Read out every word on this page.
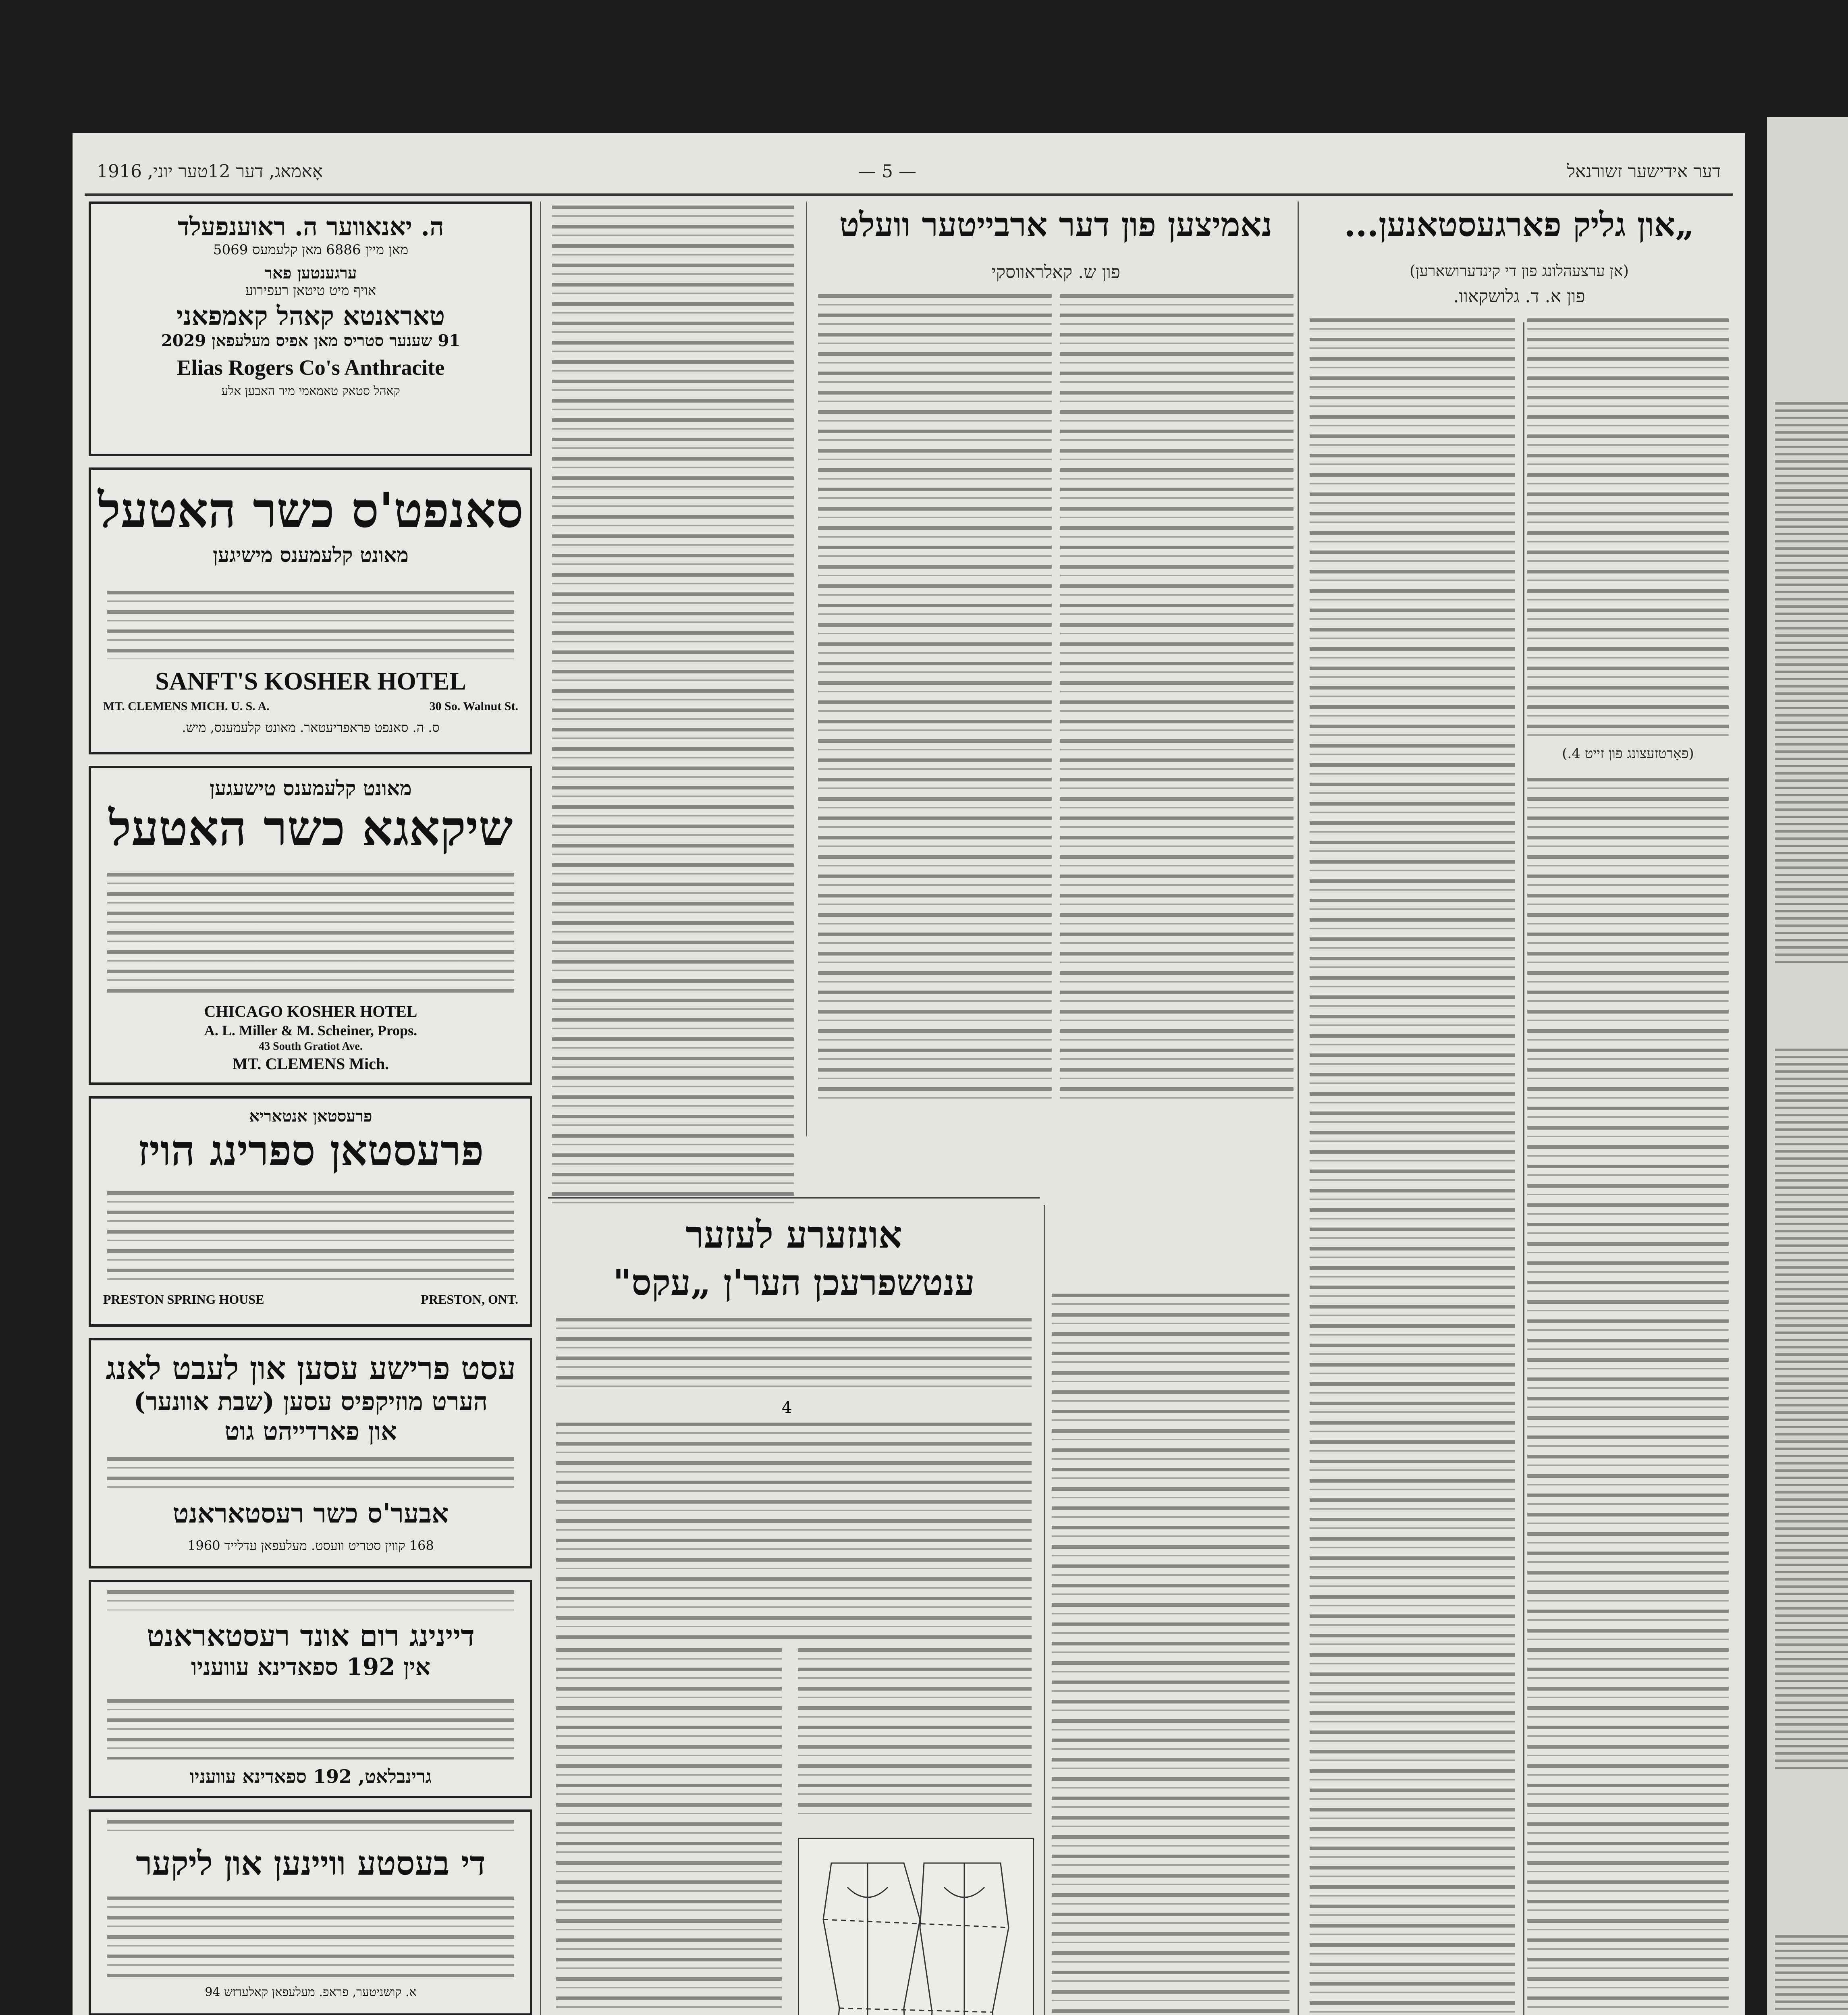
אָאמאג, דער 12טער יוני, 1916	— 5 —	דער אידישער זשורנאל
ה. יאנאווער ה. ראוענפעלד
מאן מיין 6886 מאן קלעמעס 5069
ערגענטען פאר
אויף מיט טיטאן רעפירוע
טאראנטא קאהל קאמפאני
91 שענער סטריס מאן אפיס מעלעפאן 2029
Elias Rogers Co's Anthracite
קאהל סטאק טאמאמי מיר האבען אלע
סאנפט'ס כשר האטעל
מאונט קלעמענס מישיגען
SANFT'S KOSHER HOTEL
MT. CLEMENS MICH. U. S. A.	30 So. Walnut St.
ס. ה. סאנפט פראפריעטאר. מאונט קלעמענס, מיש.
מאונט קלעמענס טישעגען
שיקאגא כשר האטעל
CHICAGO KOSHER HOTEL
A. L. Miller & M. Scheiner, Props.
43 South Gratiot Ave.
MT. CLEMENS Mich.
פרעסטאן אנטאריא
פרעסטאן ספרינג הויז
PRESTON SPRING HOUSE	PRESTON, ONT.
עסט פרישע עסען און לעבט לאנג
הערט מוזיקפיס עסען (שבת אוונער)
און פארדייהט גוט
אבער'ס כשר רעסטאראנט
168 קווין סטריט וועסט. מעלעפאן עדלייד 1960
דיינינג רום אונד רעסטאראנט
אין 192 ספאדינא עוועניו
גרינבלאט, 192 ספאדינא עוועניו
די בעסטע וויינען און ליקער
א. קושניטער, פראפ. מעלעפאן קאלעדזש 94
נאמיצען פון דער ארבייטער וועלט
פון ש. קאלראווסקי
אונזערע לעזער
ענטשפרעכן הער'ן „עקס"
4
„און גליק פארגעסטאנען...
(אן ערצעהלונג פון די קינדערושארען)
פון א. ד. גלושקאוו.
(פאָרטזעצונג פון זייט 4.)
